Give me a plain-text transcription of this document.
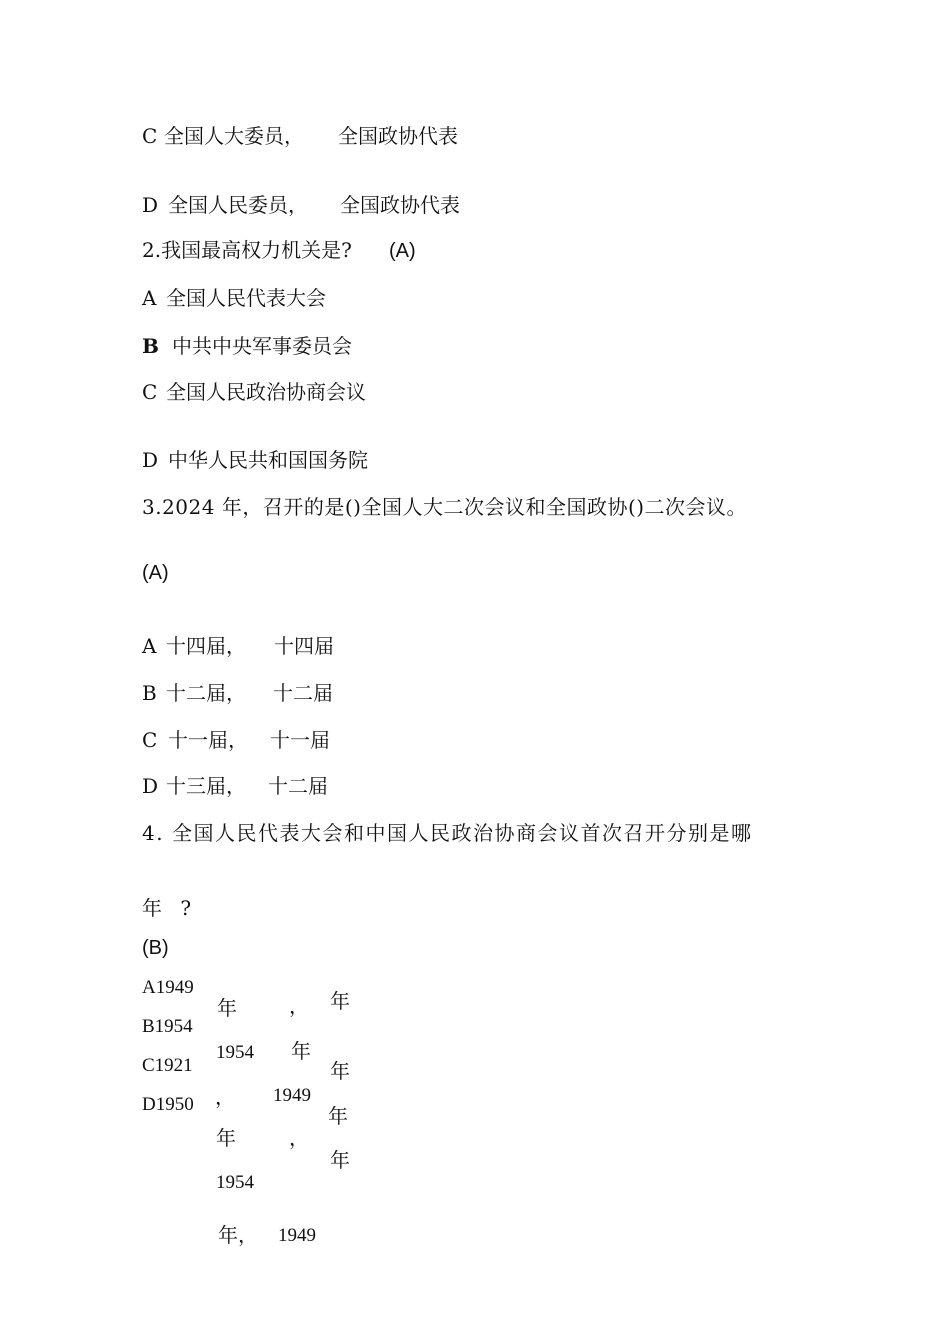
C 全国人大委员， 全国政协代表
D 全国人民委员， 全国政协代表
2.我国最高权力机关是? (A)
A 全国人民代表大会
B 中共中央军事委员会
C 全国人民政治协商会议
D 中华人民共和国国务院
3.2024 年，召开的是()全国人大二次会议和全国政协()二次会议。
(A)
A 十四届， 十四届
B 十二届， 十二届
C 十一届， 十一届
D 十三届， 十二届
4. 全国人民代表大会和中国人民政治协商会议首次召开分别是哪
年 ?
(B)
A1949
B1954
C1921
D1950
年	， 年
1954 年
年
， 1949
年
年	，
年
1954
年， 1949
